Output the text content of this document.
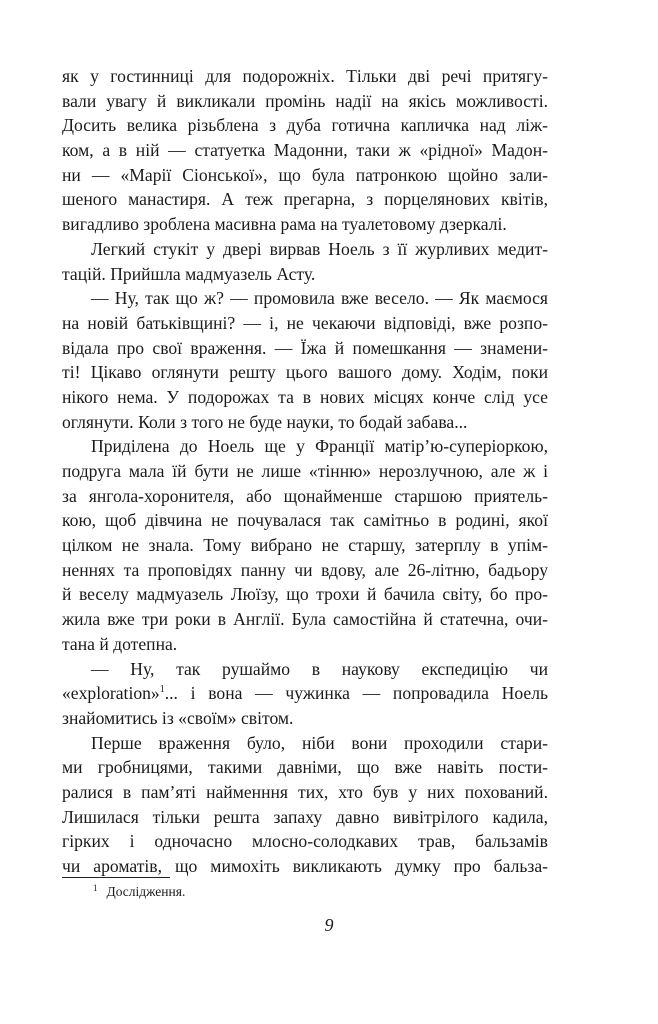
як у гостинниці для подорожніх. Тільки дві речі притягу-
вали увагу й викликали промінь надії на якісь можливості.
Досить велика різьблена з дуба готична капличка над ліж-
ком, а в ній — статуетка Мадонни, таки ж «рідної» Мадон-
ни — «Марії Сіонської», що була патронкою щойно зали-
шеного манастиря. А теж прегарна, з порцелянових квітів,
вигадливо зроблена масивна рама на туалетовому дзеркалі.
Легкий стукіт у двері вирвав Ноель з її журливих медит-
тацій. Прийшла мадмуазель Асту.
— Ну, так що ж? — промовила вже весело. — Як маємося
на новій батьківщині? — і, не чекаючи відповіді, вже розпо-
відала про свої враження. — Їжа й помешкання — знамени-
ті! Цікаво оглянути решту цього вашого дому. Ходім, поки
нікого нема. У подорожах та в нових місцях конче слід усе
оглянути. Коли з того не буде науки, то бодай забава...
Приділена до Ноель ще у Франції матір’ю-суперіоркою,
подруга мала їй бути не лише «тінню» нерозлучною, але ж і
за янгола-хоронителя, або щонайменше старшою приятель-
кою, щоб дівчина не почувалася так самітньо в родині, якої
цілком не знала. Тому вибрано не старшу, затерплу в упім-
неннях та проповідях панну чи вдову, але 26-літню, бадьору
й веселу мадмуазель Люїзу, що трохи й бачила світу, бо про-
жила вже три роки в Англії. Була самостійна й статечна, очи-
тана й дотепна.
— Ну, так рушаймо в наукову експедицію чи
«exploration»$^1$... і вона — чужинка — попровадила Ноель
знайомитись із «своїм» світом.
Перше враження було, ніби вони проходили стари-
ми гробницями, такими давніми, що вже навіть пости-
ралися в пам’яті найменння тих, хто був у них похований.
Лишилася тільки решта запаху давно вивітрілого кадила,
гірких і одночасно млосно-солодкавих трав, бальзамів
чи ароматів, що мимохіть викликають думку про бальза-
$^1$ Дослідження.
9
